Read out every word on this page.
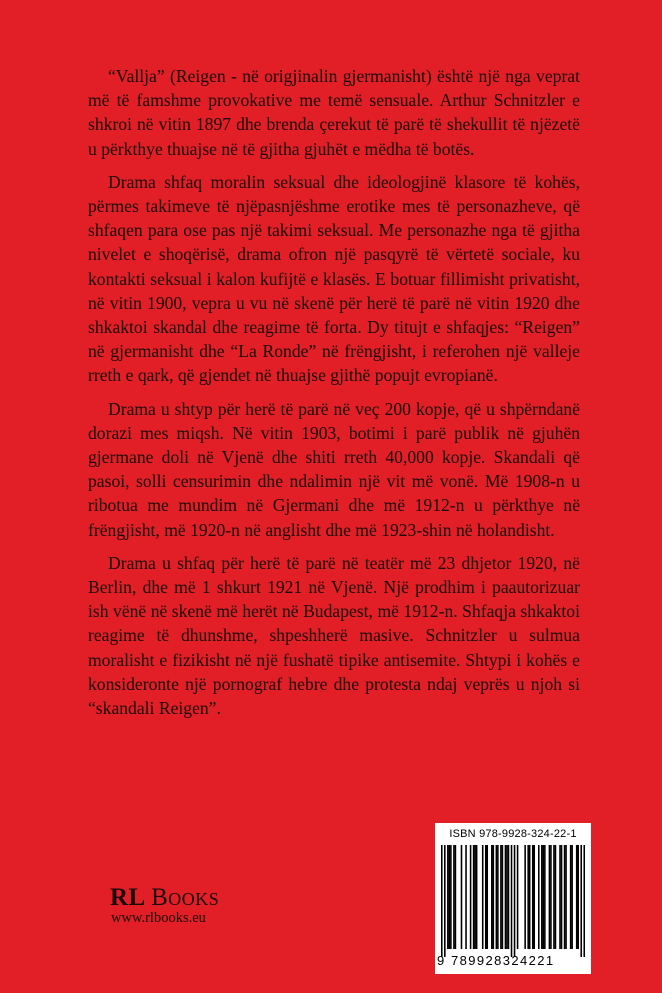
“Vallja” (Reigen - në origjinalin gjermanisht) është një nga veprat më të famshme provokative me temë sensuale. Arthur Schnitzler e shkroi në vitin 1897 dhe brenda çerekut të parë të shekullit të njëzetë u përkthye thuajse në të gjitha gjuhët e mëdha të botës.

Drama shfaq moralin seksual dhe ideologjinë klasore të kohës, përmes takimeve të njëpasnjëshme erotike mes të personazheve, që shfaqen para ose pas një takimi seksual. Me personazhe nga të gjitha nivelet e shoqërisë, drama ofron një pasqyrë të vërtetë sociale, ku kontakti seksual i kalon kufijtë e klasës. E botuar fillimisht privatisht, në vitin 1900, vepra u vu në skenë për herë të parë në vitin 1920 dhe shkaktoi skandal dhe reagime të forta. Dy titujt e shfaqjes: “Reigen” në gjermanisht dhe “La Ronde” në frëngjisht, i referohen një valleje rreth e qark, që gjendet në thuajse gjithë popujt evropianë.

Drama u shtyp për herë të parë në veç 200 kopje, që u shpërndanë dorazi mes miqsh. Në vitin 1903, botimi i parë publik në gjuhën gjermane doli në Vjenë dhe shiti rreth 40,000 kopje. Skandali që pasoi, solli censurimin dhe ndalimin një vit më vonë. Më 1908-n u ribotua me mundim në Gjermani dhe më 1912-n u përkthye në frëngjisht, më 1920-n në anglisht dhe më 1923-shin në holandisht.

Drama u shfaq për herë të parë në teatër më 23 dhjetor 1920, në Berlin, dhe më 1 shkurt 1921 në Vjenë. Një prodhim i paautorizuar ish vënë në skenë më herët në Budapest, më 1912-n. Shfaqja shkaktoi reagime të dhunshme, shpeshherë masive. Schnitzler u sulmua moralisht e fizikisht në një fushatë tipike antisemite. Shtypi i kohës e konsideronte një pornograf hebre dhe protesta ndaj veprës u njoh si “skandali Reigen”.

RL Books
www.rlbooks.eu
ISBN 978-9928-324-22-1
9 789928324221
